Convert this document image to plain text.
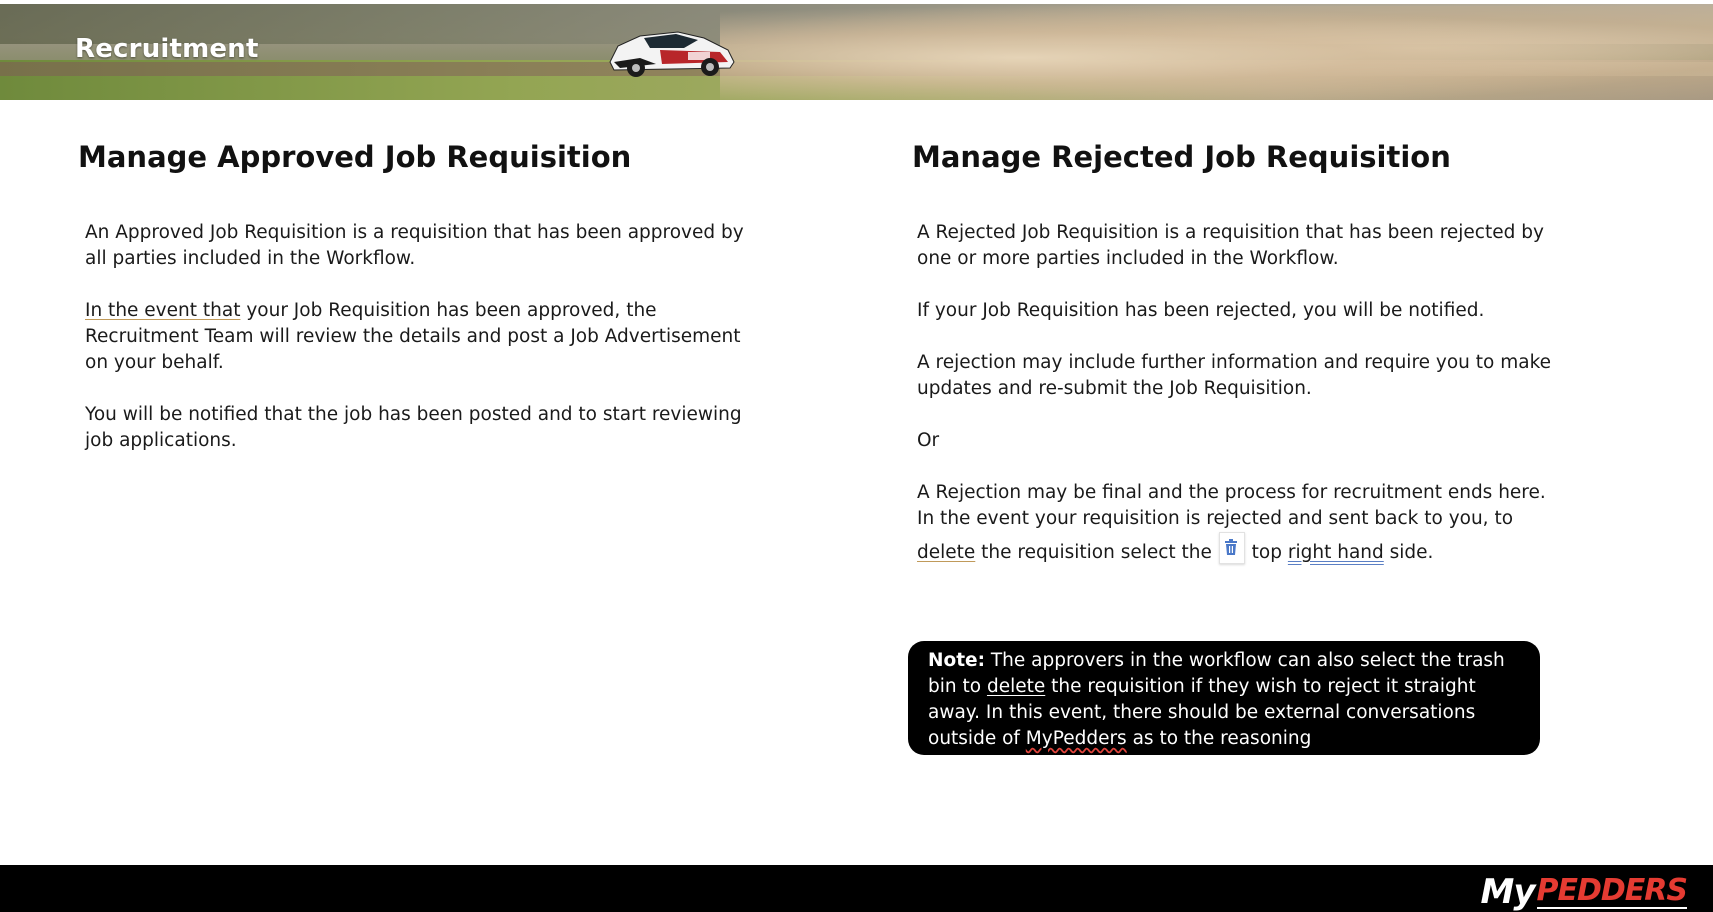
Recruitment
Manage Approved Job Requisition

An Approved Job Requisition is a requisition that has been approved by all parties included in the Workflow.

In the event that your Job Requisition has been approved, the Recruitment Team will review the details and post a Job Advertisement on your behalf.

You will be notified that the job has been posted and to start reviewing job applications.

Manage Rejected Job Requisition

A Rejected Job Requisition is a requisition that has been rejected by one or more parties included in the Workflow.

If your Job Requisition has been rejected, you will be notified.

A rejection may include further information and require you to make updates and re-submit the Job Requisition.

Or

A Rejection may be final and the process for recruitment ends here. In the event your requisition is rejected and sent back to you, to delete the requisition select the
top right hand side.

Note: The approvers in the workflow can also select the trash bin to delete the requisition if they wish to reject it straight away. In this event, there should be external conversations outside of MyPedders as to the reasoning
My PEDDERS
